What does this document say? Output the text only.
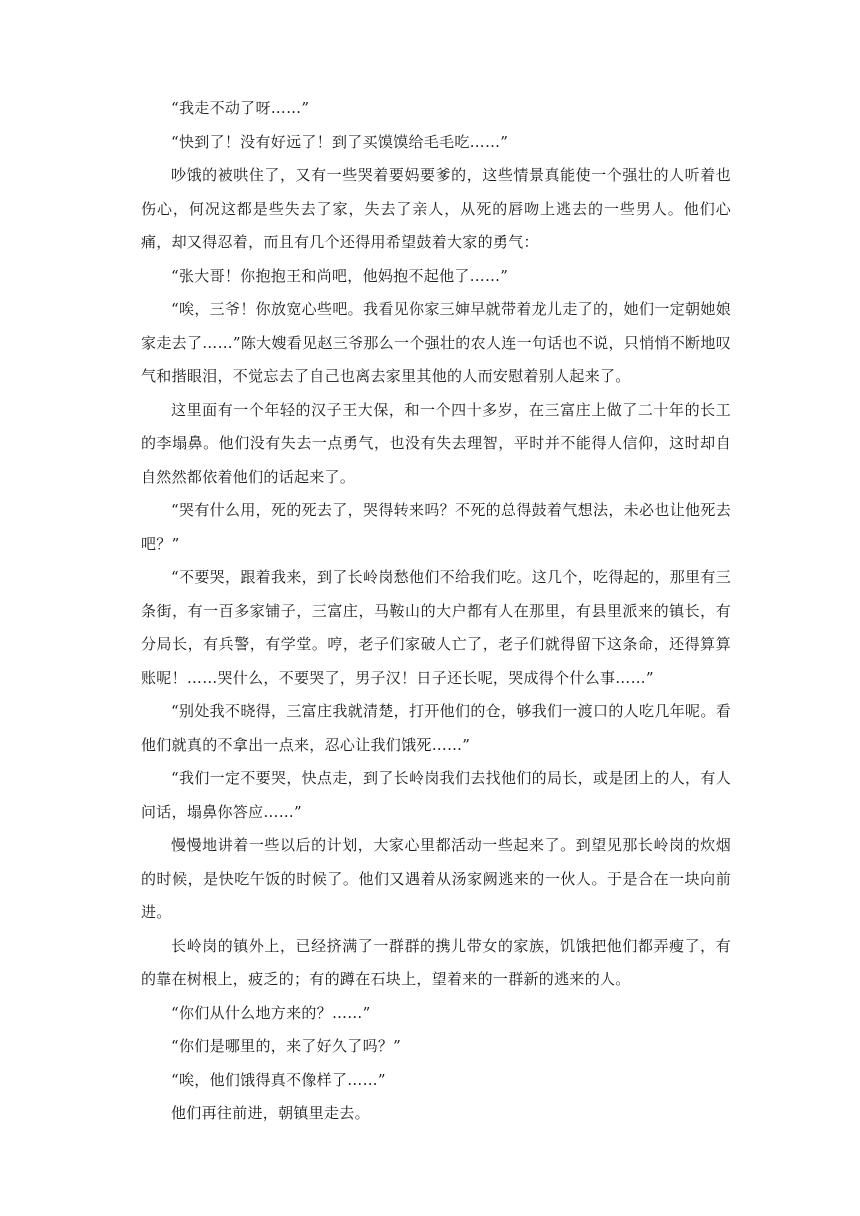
“我走不动了呀……”

“快到了！没有好远了！到了买馍馍给毛毛吃……”

吵饿的被哄住了，又有一些哭着要妈要爹的，这些情景真能使一个强壮的人听着也伤心，何况这都是些失去了家，失去了亲人，从死的唇吻上逃去的一些男人。他们心痛，却又得忍着，而且有几个还得用希望鼓着大家的勇气：

“张大哥！你抱抱王和尚吧，他妈抱不起他了……”

“唉，三爷！你放宽心些吧。我看见你家三婶早就带着龙儿走了的，她们一定朝她娘家走去了……”陈大嫂看见赵三爷那么一个强壮的农人连一句话也不说，只悄悄不断地叹气和揩眼泪，不觉忘去了自己也离去家里其他的人而安慰着别人起来了。

这里面有一个年轻的汉子王大保，和一个四十多岁，在三富庄上做了二十年的长工的李塌鼻。他们没有失去一点勇气，也没有失去理智，平时并不能得人信仰，这时却自自然然都依着他们的话起来了。

“哭有什么用，死的死去了，哭得转来吗？不死的总得鼓着气想法，未必也让他死去吧？”

“不要哭，跟着我来，到了长岭岗愁他们不给我们吃。这几个，吃得起的，那里有三条街，有一百多家铺子，三富庄，马鞍山的大户都有人在那里，有县里派来的镇长，有分局长，有兵警，有学堂。哼，老子们家破人亡了，老子们就得留下这条命，还得算算账呢！……哭什么，不要哭了，男子汉！日子还长呢，哭成得个什么事……”

“别处我不晓得，三富庄我就清楚，打开他们的仓，够我们一渡口的人吃几年呢。看他们就真的不拿出一点来，忍心让我们饿死……”

“我们一定不要哭，快点走，到了长岭岗我们去找他们的局长，或是团上的人，有人问话，塌鼻你答应……”

慢慢地讲着一些以后的计划，大家心里都活动一些起来了。到望见那长岭岗的炊烟的时候，是快吃午饭的时候了。他们又遇着从汤家阙逃来的一伙人。于是合在一块向前进。

长岭岗的镇外上，已经挤满了一群群的携儿带女的家族，饥饿把他们都弄瘦了，有的靠在树根上，疲乏的；有的蹲在石块上，望着来的一群新的逃来的人。

“你们从什么地方来的？……”

“你们是哪里的，来了好久了吗？”

“唉，他们饿得真不像样了……”

他们再往前进，朝镇里走去。
